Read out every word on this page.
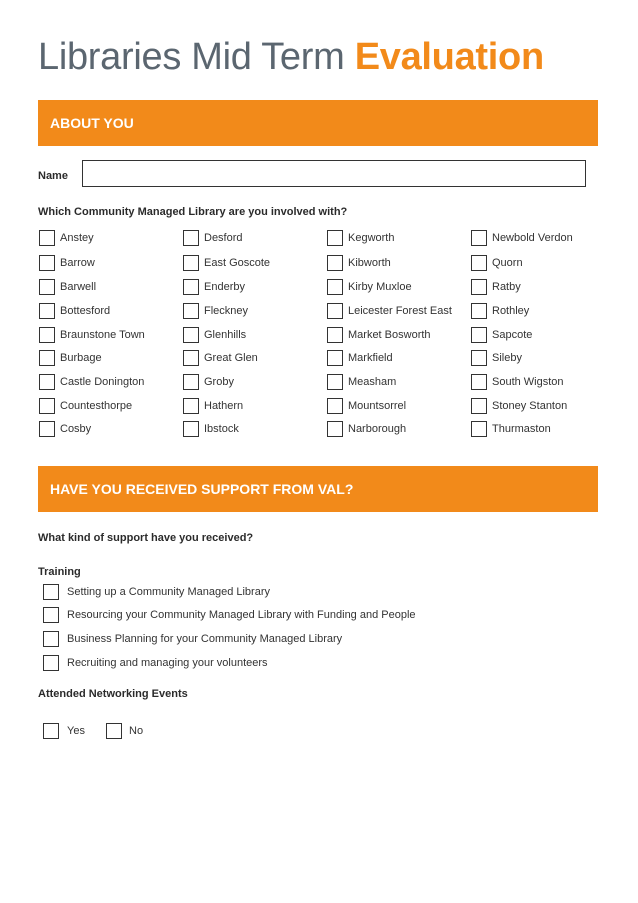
Libraries Mid Term Evaluation
ABOUT YOU
Name
Which Community Managed Library are you involved with?
Anstey	Desford	Kegworth	Newbold Verdon
Barrow	East Goscote	Kibworth	Quorn
Barwell	Enderby	Kirby Muxloe	Ratby
Bottesford	Fleckney	Leicester Forest East	Rothley
Braunstone Town	Glenhills	Market Bosworth	Sapcote
Burbage	Great Glen	Markfield	Sileby
Castle Donington	Groby	Measham	South Wigston
Countesthorpe	Hathern	Mountsorrel	Stoney Stanton
Cosby	Ibstock	Narborough	Thurmaston
HAVE YOU RECEIVED SUPPORT FROM VAL?
What kind of support have you received?
Training
Setting up a Community Managed Library
Resourcing your Community Managed Library with Funding and People
Business Planning for your Community Managed Library
Recruiting and managing your volunteers
Attended Networking Events
Yes	No
